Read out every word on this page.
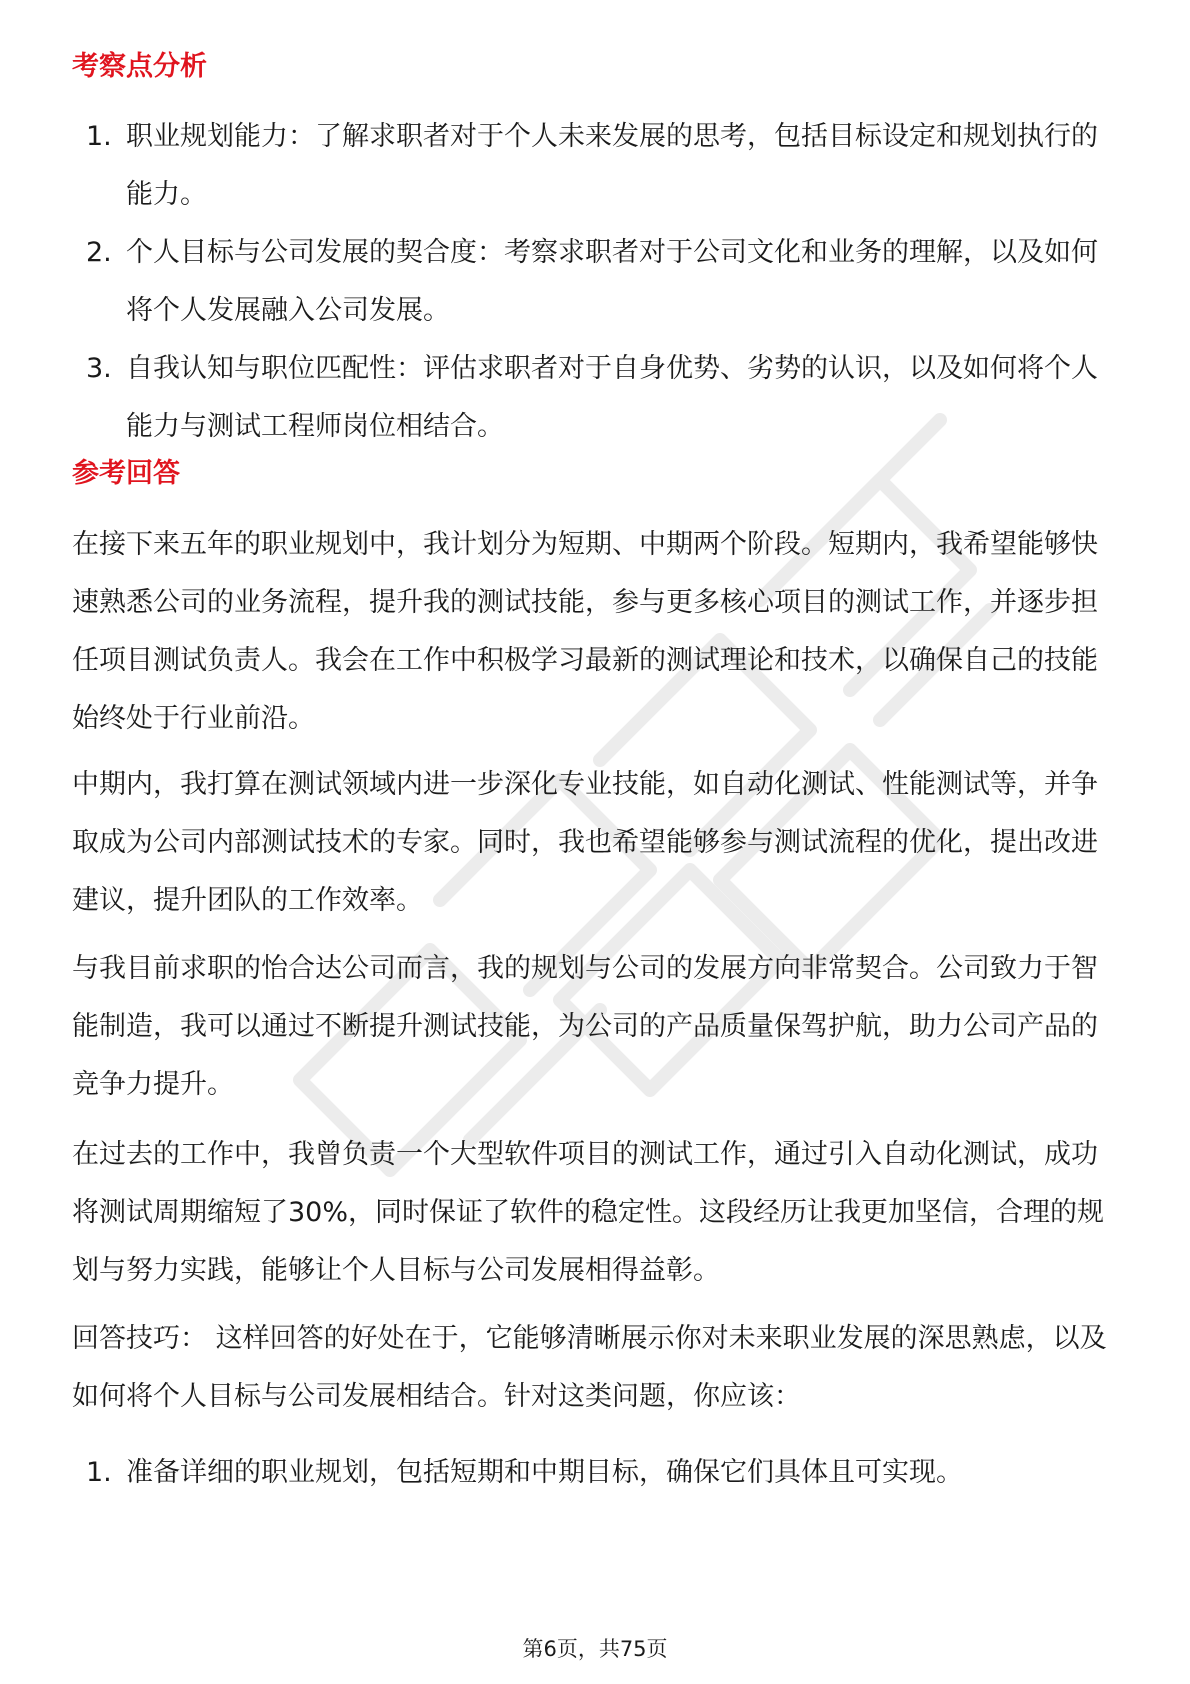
考察点分析
1. 职业规划能力：了解求职者对于个人未来发展的思考，包括目标设定和规划执行的能力。
2. 个人目标与公司发展的契合度：考察求职者对于公司文化和业务的理解，以及如何将个人发展融入公司发展。
3. 自我认知与职位匹配性：评估求职者对于自身优势、劣势的认识，以及如何将个人能力与测试工程师岗位相结合。
参考回答

在接下来五年的职业规划中，我计划分为短期、中期两个阶段。短期内，我希望能够快速熟悉公司的业务流程，提升我的测试技能，参与更多核心项目的测试工作，并逐步担任项目测试负责人。我会在工作中积极学习最新的测试理论和技术，以确保自己的技能始终处于行业前沿。

中期内，我打算在测试领域内进一步深化专业技能，如自动化测试、性能测试等，并争取成为公司内部测试技术的专家。同时，我也希望能够参与测试流程的优化，提出改进建议，提升团队的工作效率。

与我目前求职的怡合达公司而言，我的规划与公司的发展方向非常契合。公司致力于智能制造，我可以通过不断提升测试技能，为公司的产品质量保驾护航，助力公司产品的竞争力提升。

在过去的工作中，我曾负责一个大型软件项目的测试工作，通过引入自动化测试，成功将测试周期缩短了30%，同时保证了软件的稳定性。这段经历让我更加坚信，合理的规划与努力实践，能够让个人目标与公司发展相得益彰。

回答技巧： 这样回答的好处在于，它能够清晰展示你对未来职业发展的深思熟虑，以及如何将个人目标与公司发展相结合。针对这类问题，你应该：

1. 准备详细的职业规划，包括短期和中期目标，确保它们具体且可实现。
第6页，共75页
